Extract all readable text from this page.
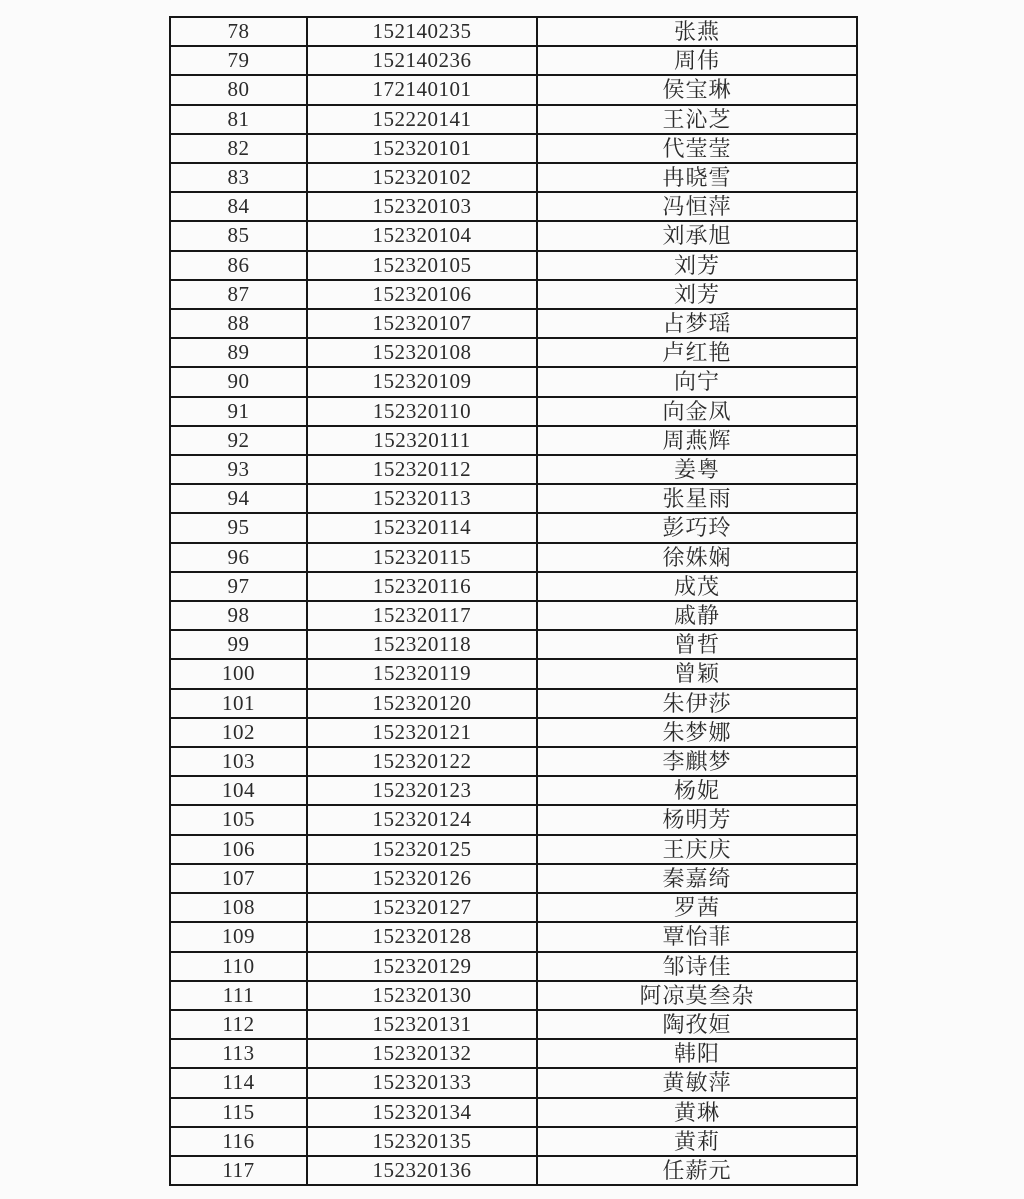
78	152140235	张燕
79	152140236	周伟
80	172140101	侯宝琳
81	152220141	王沁芝
82	152320101	代莹莹
83	152320102	冉晓雪
84	152320103	冯恒萍
85	152320104	刘承旭
86	152320105	刘芳
87	152320106	刘芳
88	152320107	占梦瑶
89	152320108	卢红艳
90	152320109	向宁
91	152320110	向金凤
92	152320111	周燕辉
93	152320112	姜粤
94	152320113	张星雨
95	152320114	彭巧玲
96	152320115	徐姝娴
97	152320116	成茂
98	152320117	戚静
99	152320118	曾哲
100	152320119	曾颖
101	152320120	朱伊莎
102	152320121	朱梦娜
103	152320122	李麒梦
104	152320123	杨妮
105	152320124	杨明芳
106	152320125	王庆庆
107	152320126	秦嘉绮
108	152320127	罗茜
109	152320128	覃怡菲
110	152320129	邹诗佳
111	152320130	阿凉莫叁杂
112	152320131	陶孜姮
113	152320132	韩阳
114	152320133	黄敏萍
115	152320134	黄琳
116	152320135	黄莉
117	152320136	任薪元
